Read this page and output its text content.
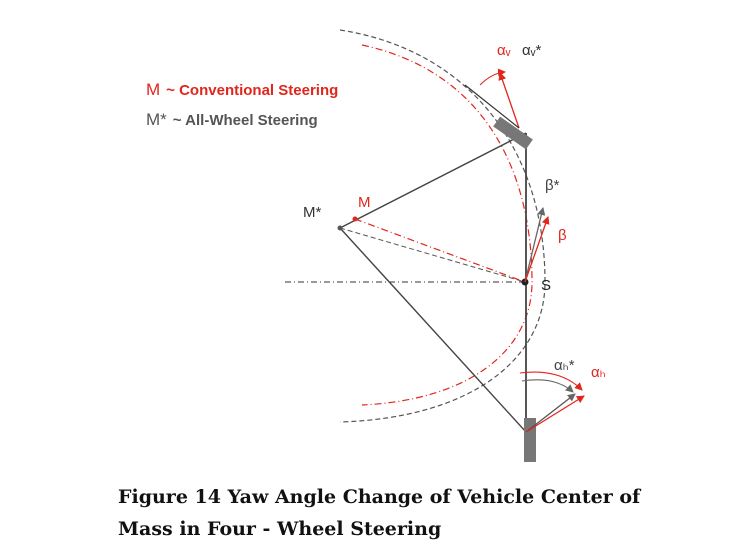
M*
M
S
β*
β
αᵥ αᵥ*
αₕ* αₕ
M ~ Conventional Steering
M* ~ All-Wheel Steering
Figure 14 Yaw Angle Change of Vehicle Center of
Mass in Four - Wheel Steering
